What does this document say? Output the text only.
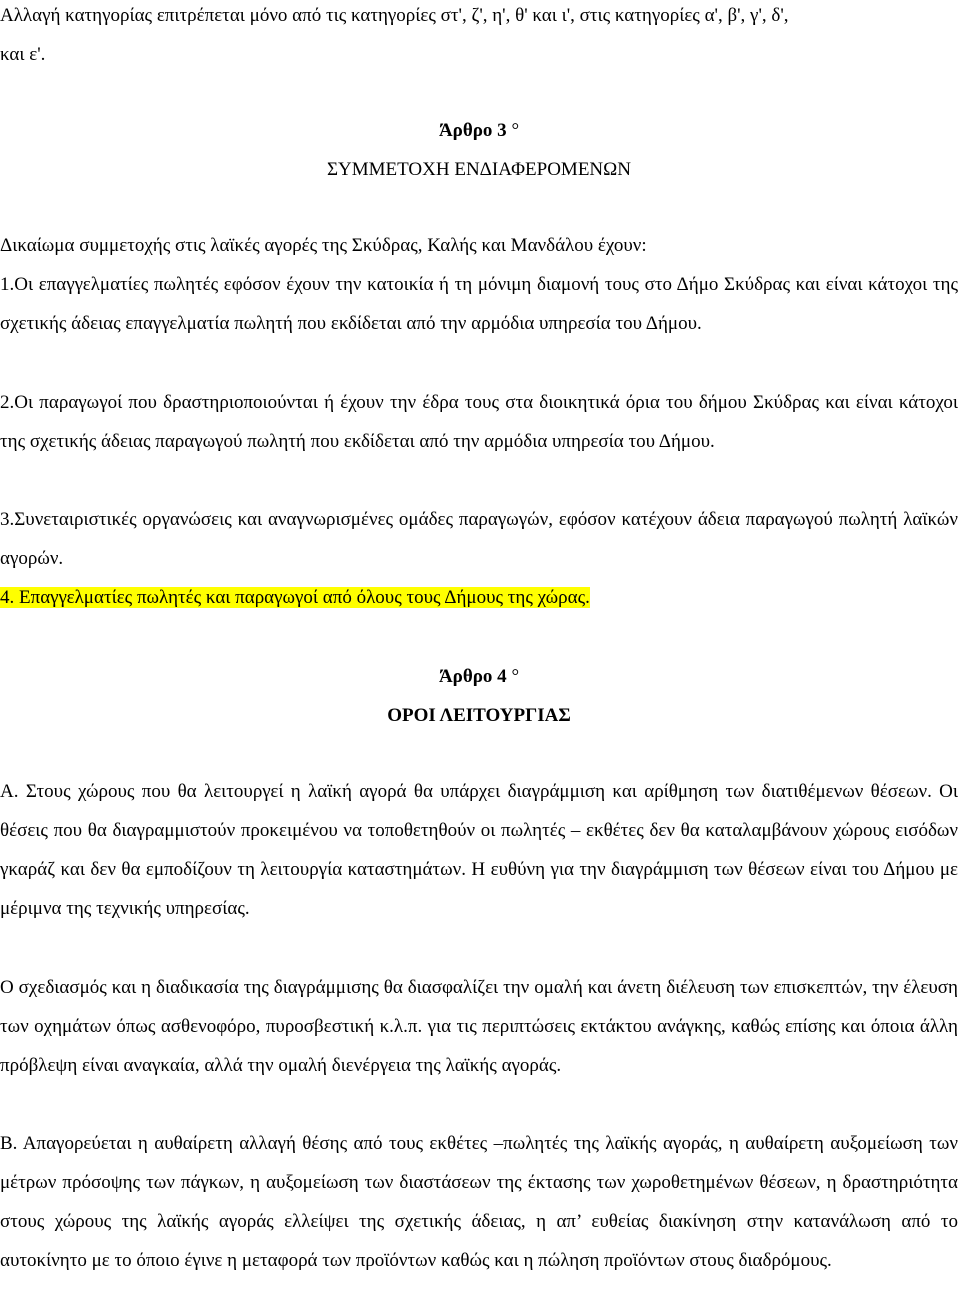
Αλλαγή κατηγορίας επιτρέπεται μόνο από τις κατηγορίες στ', ζ', η', θ' και ι', στις κατηγορίες α', β', γ', δ',

και ε'.

Άρθρο 3 °
ΣΥΜΜΕΤΟΧΗ ΕΝΔΙΑΦΕΡΟΜΕΝΩΝ

Δικαίωμα συμμετοχής στις λαϊκές αγορές της Σκύδρας, Καλής και Μανδάλου έχουν:

1.Οι επαγγελματίες πωλητές εφόσον έχουν την κατοικία ή τη μόνιμη διαμονή τους στο Δήμο Σκύδρας και είναι κάτοχοι της σχετικής άδειας επαγγελματία πωλητή που εκδίδεται από την αρμόδια υπηρεσία του Δήμου.

2.Οι παραγωγοί που δραστηριοποιούνται ή έχουν την έδρα τους στα διοικητικά όρια του δήμου Σκύδρας και είναι κάτοχοι της σχετικής άδειας παραγωγού πωλητή που εκδίδεται από την αρμόδια υπηρεσία του Δήμου.

3.Συνεταιριστικές οργανώσεις και αναγνωρισμένες ομάδες παραγωγών, εφόσον κατέχουν άδεια παραγωγού πωλητή λαϊκών αγορών.

4. Επαγγελματίες πωλητές και παραγωγοί από όλους τους Δήμους της χώρας.

Άρθρο 4 °
ΟΡΟΙ ΛΕΙΤΟΥΡΓΙΑΣ

Α. Στους χώρους που θα λειτουργεί η λαϊκή αγορά θα υπάρχει διαγράμμιση και αρίθμηση των διατιθέμενων θέσεων. Οι θέσεις που θα διαγραμμιστούν προκειμένου να τοποθετηθούν οι πωλητές – εκθέτες δεν θα καταλαμβάνουν χώρους εισόδων γκαράζ και δεν θα εμποδίζουν τη λειτουργία καταστημάτων. Η ευθύνη για την διαγράμμιση των θέσεων είναι του Δήμου με μέριμνα της τεχνικής υπηρεσίας.

Ο σχεδιασμός και η διαδικασία της διαγράμμισης θα διασφαλίζει την ομαλή και άνετη διέλευση των επισκεπτών, την έλευση των οχημάτων όπως ασθενοφόρο, πυροσβεστική κ.λ.π. για τις περιπτώσεις εκτάκτου ανάγκης, καθώς επίσης και όποια άλλη πρόβλεψη είναι αναγκαία, αλλά την ομαλή διενέργεια της λαϊκής αγοράς.

Β. Απαγορεύεται η αυθαίρετη αλλαγή θέσης από τους εκθέτες –πωλητές της λαϊκής αγοράς, η αυθαίρετη αυξομείωση των μέτρων πρόσοψης των πάγκων, η αυξομείωση των διαστάσεων της έκτασης των χωροθετημένων θέσεων, η δραστηριότητα στους χώρους της λαϊκής αγοράς ελλείψει της σχετικής άδειας, η απ’ ευθείας διακίνηση στην κατανάλωση από το αυτοκίνητο με το όποιο έγινε η μεταφορά των προϊόντων καθώς και η πώληση προϊόντων στους διαδρόμους.
